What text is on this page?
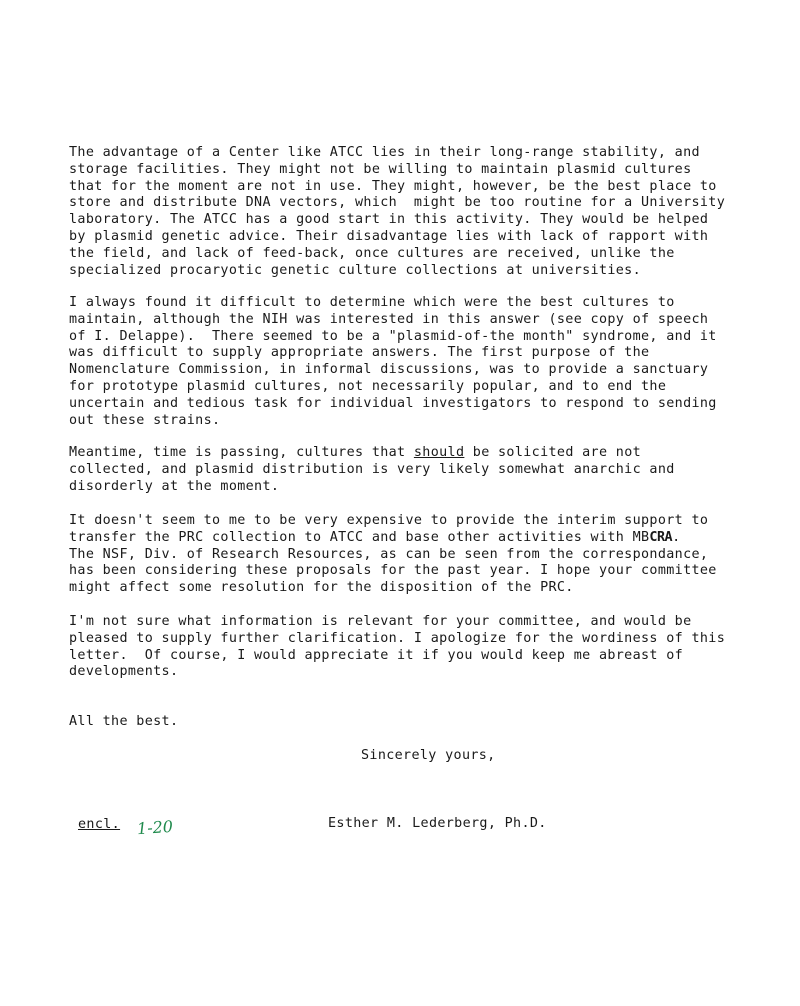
The advantage of a Center like ATCC lies in their long-range stability, and
storage facilities. They might not be willing to maintain plasmid cultures
that for the moment are not in use. They might, however, be the best place to
store and distribute DNA vectors, which  might be too routine for a University
laboratory. The ATCC has a good start in this activity. They would be helped
by plasmid genetic advice. Their disadvantage lies with lack of rapport with
the field, and lack of feed-back, once cultures are received, unlike the
specialized procaryotic genetic culture collections at universities.
I always found it difficult to determine which were the best cultures to
maintain, although the NIH was interested in this answer (see copy of speech
of I. Delappe).  There seemed to be a "plasmid-of-the month" syndrome, and it
was difficult to supply appropriate answers. The first purpose of the
Nomenclature Commission, in informal discussions, was to provide a sanctuary
for prototype plasmid cultures, not necessarily popular, and to end the
uncertain and tedious task for individual investigators to respond to sending
out these strains.
Meantime, time is passing, cultures that should be solicited are not
collected, and plasmid distribution is very likely somewhat anarchic and
disorderly at the moment.
It doesn't seem to me to be very expensive to provide the interim support to
transfer the PRC collection to ATCC and base other activities with MBCRA.
The NSF, Div. of Research Resources, as can be seen from the correspondance,
has been considering these proposals for the past year. I hope your committee
might affect some resolution for the disposition of the PRC.
I'm not sure what information is relevant for your committee, and would be
pleased to supply further clarification. I apologize for the wordiness of this
letter.  Of course, I would appreciate it if you would keep me abreast of
developments.
All the best.
Sincerely yours,
encl. 1-20	Esther M. Lederberg, Ph.D.
